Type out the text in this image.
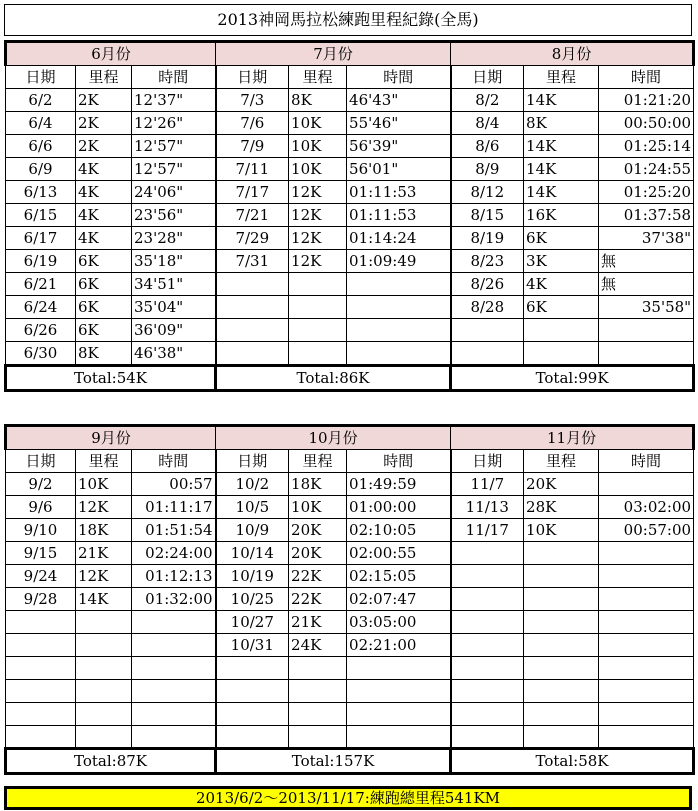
2013神岡馬拉松練跑里程紀錄(全馬)
6月份			7月份			8月份		
日期	里程	時間	日期	里程	時間	日期	里程	時間
6/2	2K	12'37"	7/3	8K	46'43"	8/2	14K	01:21:20
6/4	2K	12'26"	7/6	10K	55'46"	8/4	8K	00:50:00
6/6	2K	12'57"	7/9	10K	56'39"	8/6	14K	01:25:14
6/9	4K	12'57"	7/11	10K	56'01"	8/9	14K	01:24:55
6/13	4K	24'06"	7/17	12K	01:11:53	8/12	14K	01:25:20
6/15	4K	23'56"	7/21	12K	01:11:53	8/15	16K	01:37:58
6/17	4K	23'28"	7/29	12K	01:14:24	8/19	6K	37'38"
6/19	6K	35'18"	7/31	12K	01:09:49	8/23	3K	無
6/21	6K	34'51"				8/26	4K	無
6/24	6K	35'04"				8/28	6K	35'58"
6/26	6K	36'09"						
6/30	8K	46'38"						
Total:54K			Total:86K			Total:99K		
9月份			10月份			11月份		
日期	里程	時間	日期	里程	時間	日期	里程	時間
9/2	10K	00:57	10/2	18K	01:49:59	11/7	20K	
9/6	12K	01:11:17	10/5	10K	01:00:00	11/13	28K	03:02:00
9/10	18K	01:51:54	10/9	20K	02:10:05	11/17	10K	00:57:00
9/15	21K	02:24:00	10/14	20K	02:00:55			
9/24	12K	01:12:13	10/19	22K	02:15:05			
9/28	14K	01:32:00	10/25	22K	02:07:47			
			10/27	21K	03:05:00			
			10/31	24K	02:21:00			

Total:87K			Total:157K			Total:58K		
2013/6/2～2013/11/17:練跑總里程541KM
